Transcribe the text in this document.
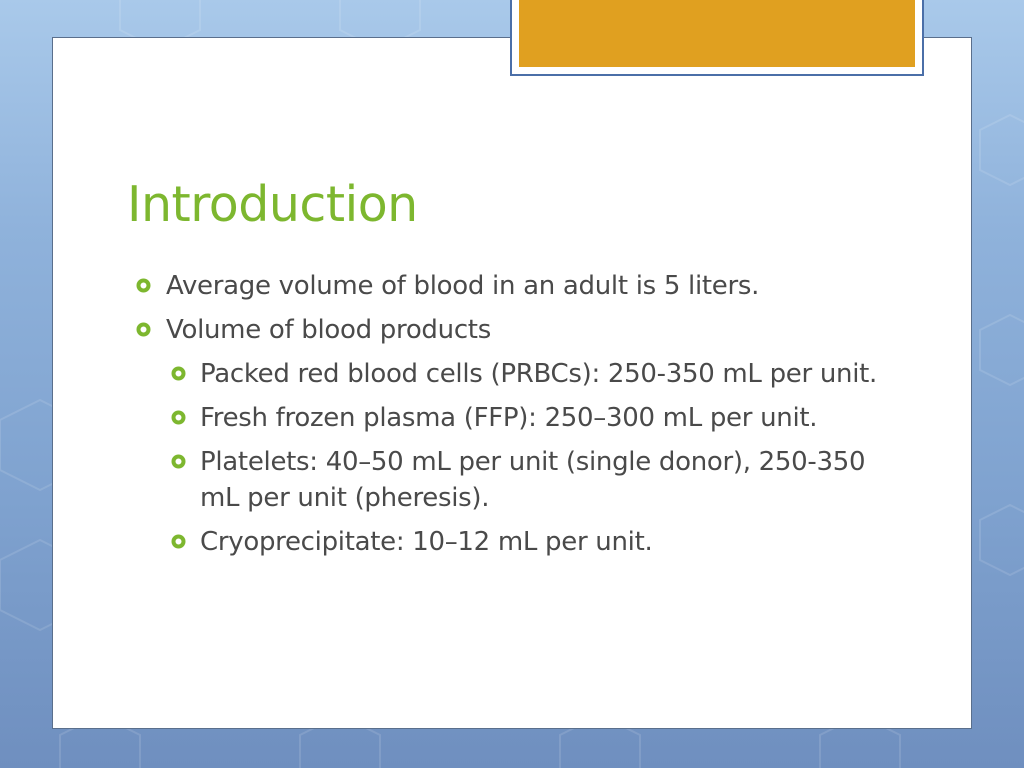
Introduction
Average volume of blood in an adult is 5 liters.
Volume of blood products
Packed red blood cells (PRBCs): 250-350 mL per unit.
Fresh frozen plasma (FFP): 250–300 mL per unit.
Platelets: 40–50 mL per unit (single donor), 250-350 mL per unit (pheresis).
Cryoprecipitate: 10–12 mL per unit.
